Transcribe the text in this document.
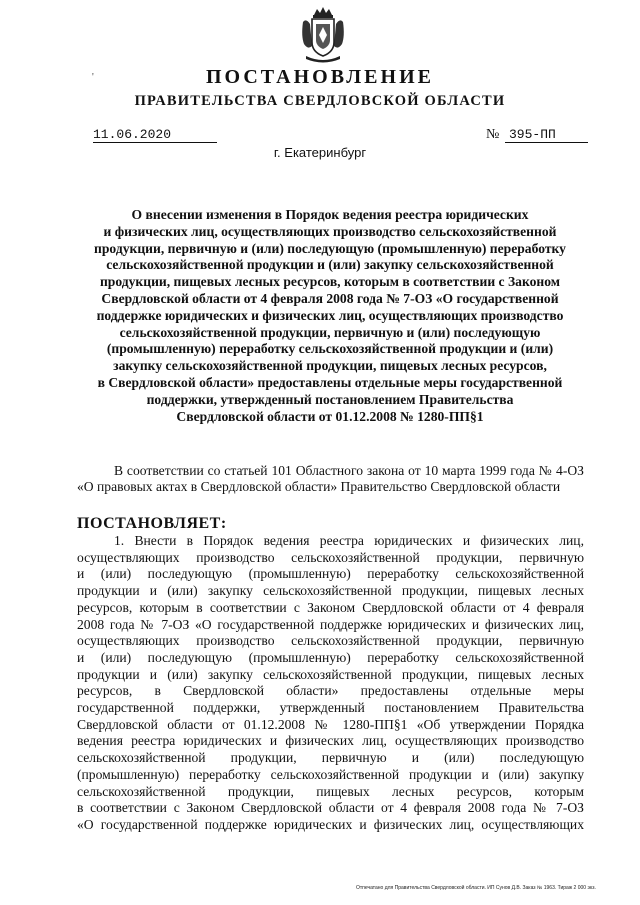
'	ПОСТАНОВЛЕНИЕ
ПРАВИТЕЛЬСТВА СВЕРДЛОВСКОЙ ОБЛАСТИ
11.06.2020	№ 395-ПП
г. Екатеринбург
О внесении изменения в Порядок ведения реестра юридических
и физических лиц, осуществляющих производство сельскохозяйственной
продукции, первичную и (или) последующую (промышленную) переработку
сельскохозяйственной продукции и (или) закупку сельскохозяйственной
продукции, пищевых лесных ресурсов, которым в соответствии с Законом
Свердловской области от 4 февраля 2008 года № 7-ОЗ «О государственной
поддержке юридических и физических лиц, осуществляющих производство
сельскохозяйственной продукции, первичную и (или) последующую
(промышленную) переработку сельскохозяйственной продукции и (или)
закупку сельскохозяйственной продукции, пищевых лесных ресурсов,
в Свердловской области» предоставлены отдельные меры государственной
поддержки, утвержденный постановлением Правительства
Свердловской области от 01.12.2008 № 1280-ПП§1

В соответствии со статьей 101 Областного закона от 10 марта 1999 года № 4-ОЗ «О правовых актах в Свердловской области» Правительство Свердловской области

ПОСТАНОВЛЯЕТ:
1. Внести в Порядок ведения реестра юридических и физических лиц,
осуществляющих производство сельскохозяйственной продукции, первичную
и (или) последующую (промышленную) переработку сельскохозяйственной
продукции и (или) закупку сельскохозяйственной продукции, пищевых лесных
ресурсов, которым в соответствии с Законом Свердловской области от 4 февраля
2008 года № 7-ОЗ «О государственной поддержке юридических и физических лиц,
осуществляющих производство сельскохозяйственной продукции, первичную
и (или) последующую (промышленную) переработку сельскохозяйственной
продукции и (или) закупку сельскохозяйственной продукции, пищевых лесных
ресурсов, в Свердловской области» предоставлены отдельные меры
государственной поддержки, утвержденный постановлением Правительства
Свердловской области от 01.12.2008 № 1280-ПП§1 «Об утверждении Порядка
ведения реестра юридических и физических лиц, осуществляющих производство
сельскохозяйственной продукции, первичную и (или) последующую
(промышленную) переработку сельскохозяйственной продукции и (или) закупку
сельскохозяйственной продукции, пищевых лесных ресурсов, которым
в соответствии с Законом Свердловской области от 4 февраля 2008 года № 7-ОЗ
«О государственной поддержке юридических и физических лиц, осуществляющих
Отпечатано для Правительства Свердловской области. ИП Сунов Д.В. Заказ № 1963. Тираж 2 000 экз.
